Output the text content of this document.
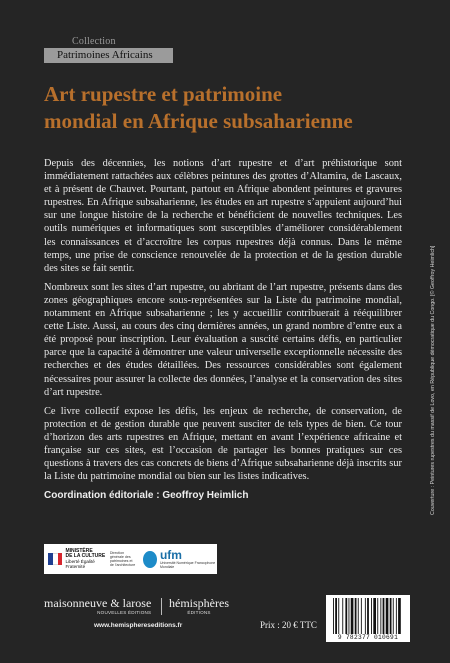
Collection
Patrimoines Africains
Art rupestre et patrimoine
mondial en Afrique subsaharienne

Depuis des décennies, les notions d’art rupestre et d’art préhistorique sont immédiatement rattachées aux célèbres peintures des grottes d’Altamira, de Lascaux, et à présent de Chauvet. Pourtant, partout en Afrique abondent peintures et gravures rupestres. En Afrique subsaharienne, les études en art rupestre s’appuient aujourd’hui sur une longue histoire de la recherche et bénéficient de nouvelles techniques. Les outils numériques et informatiques sont susceptibles d’améliorer considérablement les connaissances et d’accroître les corpus rupestres déjà connus. Dans le même temps, une prise de conscience renouvelée de la protection et de la gestion durable des sites se fait sentir.

Nombreux sont les sites d’art rupestre, ou abritant de l’art rupestre, présents dans des zones géographiques encore sous-représentées sur la Liste du patrimoine mondial, notamment en Afrique subsaharienne ; les y accueillir contribuerait à rééquilibrer cette Liste. Aussi, au cours des cinq dernières années, un grand nombre d’entre eux a été proposé pour inscription. Leur évaluation a suscité certains défis, en particulier parce que la capacité à démontrer une valeur universelle exceptionnelle nécessite des recherches et des études détaillées. Des ressources considérables sont également nécessaires pour assurer la collecte des données, l’analyse et la conservation des sites d’art rupestre.

Ce livre collectif expose les défis, les enjeux de recherche, de conservation, de protection et de gestion durable que peuvent susciter de tels types de bien. Ce tour d’horizon des arts rupestres en Afrique, mettant en avant l’expérience africaine et française sur ces sites, est l’occasion de partager les bonnes pratiques sur ces questions à travers des cas concrets de biens d’Afrique subsaharienne déjà inscrits sur la Liste du patrimoine mondial ou bien sur les listes indicatives.

Coordination éditoriale : Geoffroy Heimlich	Couverture : Peintures rupestres du massif de Lovo, en République démocratique du Congo. [© Geoffroy Heimlich]
MINISTÈRE
DE LA CULTURE
Liberté Égalité Fraternité
Direction générale des patrimoines et de l’architecture
ufm
Université Numérique Francophone Mondiale
maisonneuve & larose
NOUVELLES ÉDITIONS
hémisphères
ÉDITIONS
www.hemisphereseditions.fr	Prix : 20 € TTC
9 782377 010691
